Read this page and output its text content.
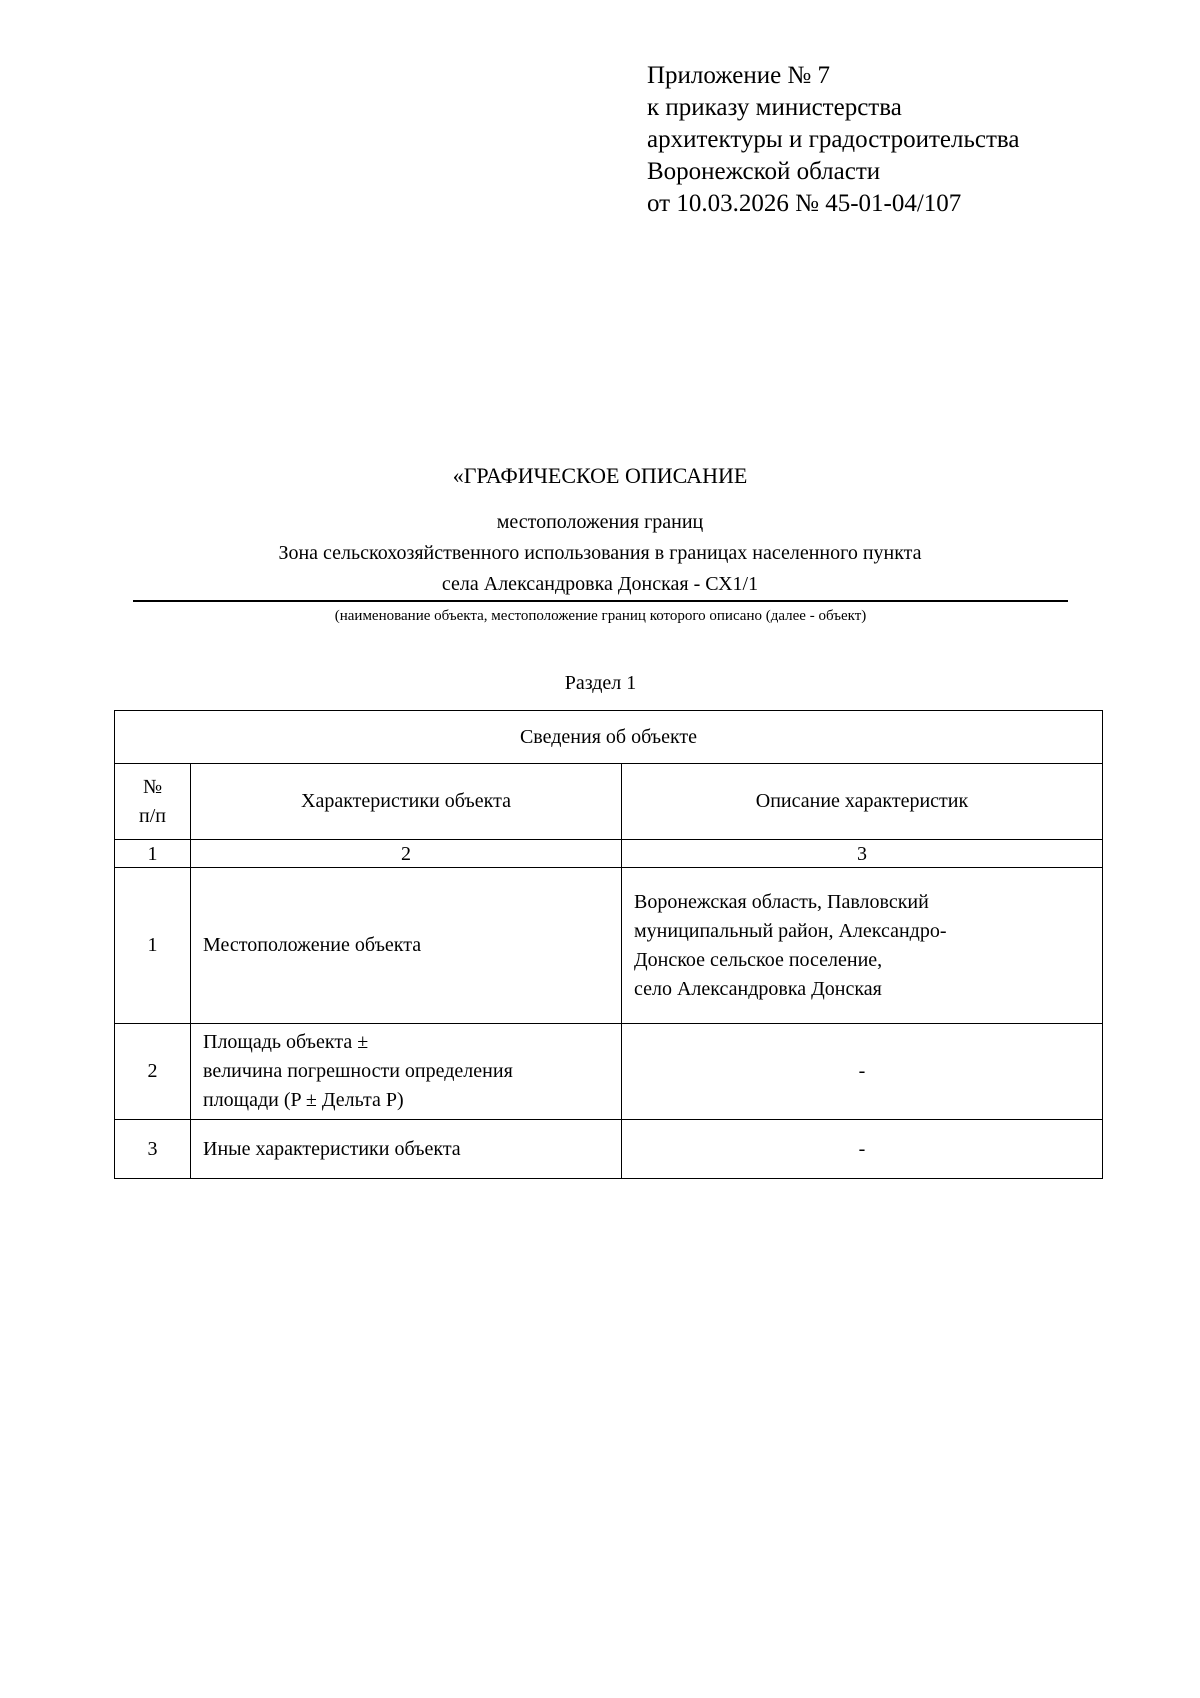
Приложение № 7
к приказу министерства
архитектуры и градостроительства
Воронежской области
от 10.03.2026 № 45-01-04/107
«ГРАФИЧЕСКОЕ ОПИСАНИЕ
местоположения границ
Зона сельскохозяйственного использования в границах населенного пункта
села Александровка Донская - СХ1/1
(наименование объекта, местоположение границ которого описано (далее - объект)
Раздел 1
Сведения об объекте		

№
п/п	Характеристики объекта	Описание характеристик
1	2	3
1	Местоположение объекта	Воронежская область, Павловский
муниципальный район, Александро-
Донское сельское поселение,
село Александровка Донская

2	Площадь объекта ±
величина погрешности определения
площади (P ± Дельта P)	-

3	Иные характеристики объекта	-
